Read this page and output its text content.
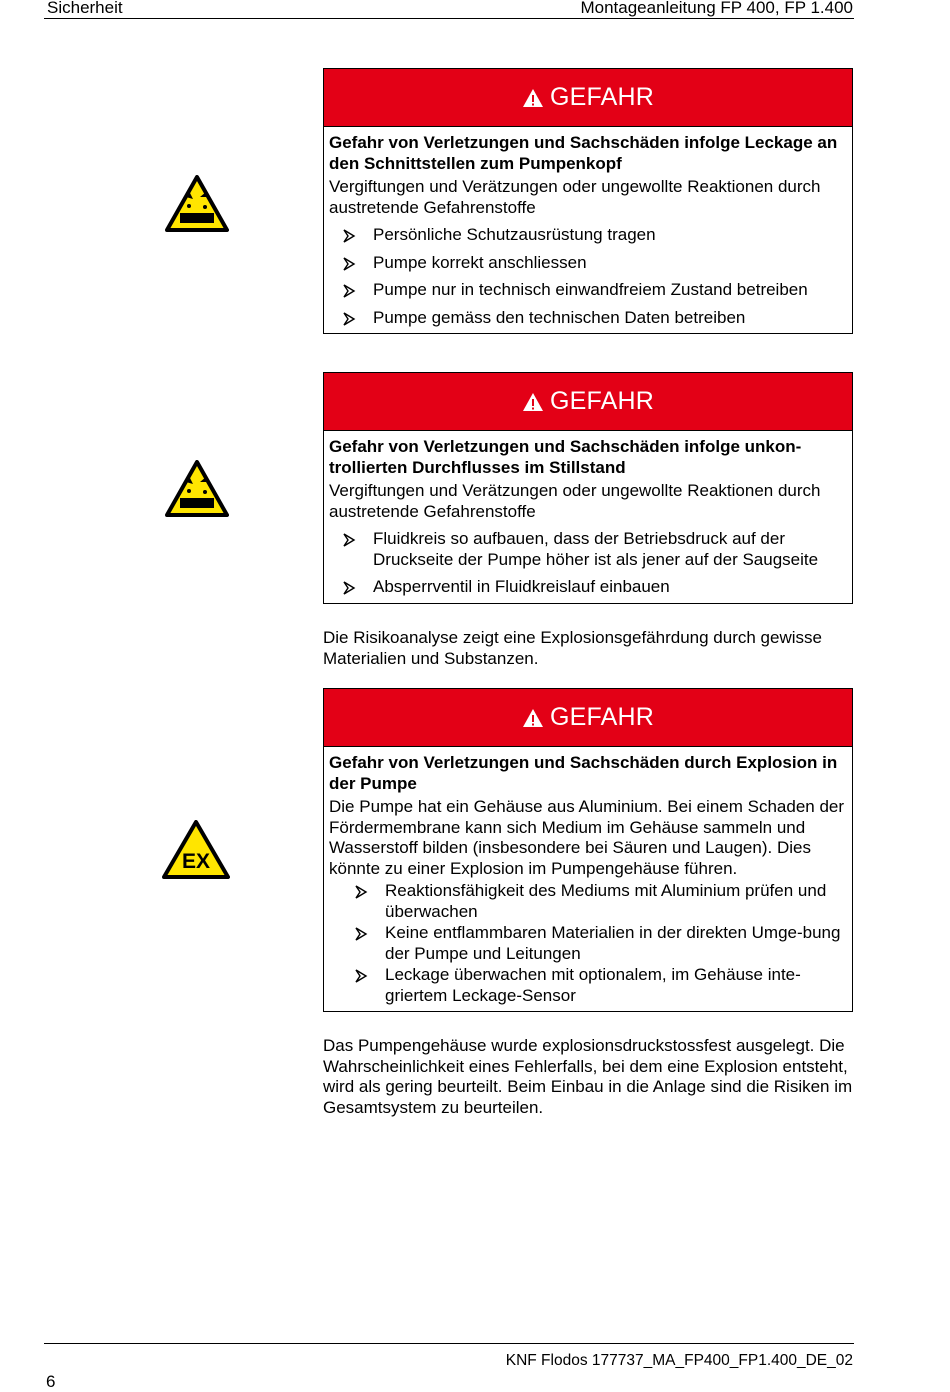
Sicherheit	Montageanleitung FP 400, FP 1.400
GEFAHR
Gefahr von Verletzungen und Sachschäden infolge Leckage an den Schnittstellen zum Pumpenkopf
Vergiftungen und Verätzungen oder ungewollte Reaktionen durch austretende Gefahrenstoffe
Persönliche Schutzausrüstung tragen
Pumpe korrekt anschliessen
Pumpe nur in technisch einwandfreiem Zustand betreiben
Pumpe gemäss den technischen Daten betreiben
GEFAHR
Gefahr von Verletzungen und Sachschäden infolge unkon-trollierten Durchflusses im Stillstand
Vergiftungen und Verätzungen oder ungewollte Reaktionen durch austretende Gefahrenstoffe
Fluidkreis so aufbauen, dass der Betriebsdruck auf der Druckseite der Pumpe höher ist als jener auf der Saugseite
Absperrventil in Fluidkreislauf einbauen
Die Risikoanalyse zeigt eine Explosionsgefährdung durch gewisse Materialien und Substanzen.
EX
GEFAHR
Gefahr von Verletzungen und Sachschäden durch Explosion in der Pumpe
Die Pumpe hat ein Gehäuse aus Aluminium. Bei einem Schaden der Fördermembrane kann sich Medium im Gehäuse sammeln und Wasserstoff bilden (insbesondere bei Säuren und Laugen). Dies könnte zu einer Explosion im Pumpengehäuse führen.
Reaktionsfähigkeit des Mediums mit Aluminium prüfen und überwachen
Keine entflammbaren Materialien in der direkten Umge-bung der Pumpe und Leitungen
Leckage überwachen mit optionalem, im Gehäuse inte-griertem Leckage-Sensor
Das Pumpengehäuse wurde explosionsdruckstossfest ausgelegt. Die Wahrscheinlichkeit eines Fehlerfalls, bei dem eine Explosion entsteht, wird als gering beurteilt. Beim Einbau in die Anlage sind die Risiken im Gesamtsystem zu beurteilen.
KNF Flodos 177737_MA_FP400_FP1.400_DE_02
6
